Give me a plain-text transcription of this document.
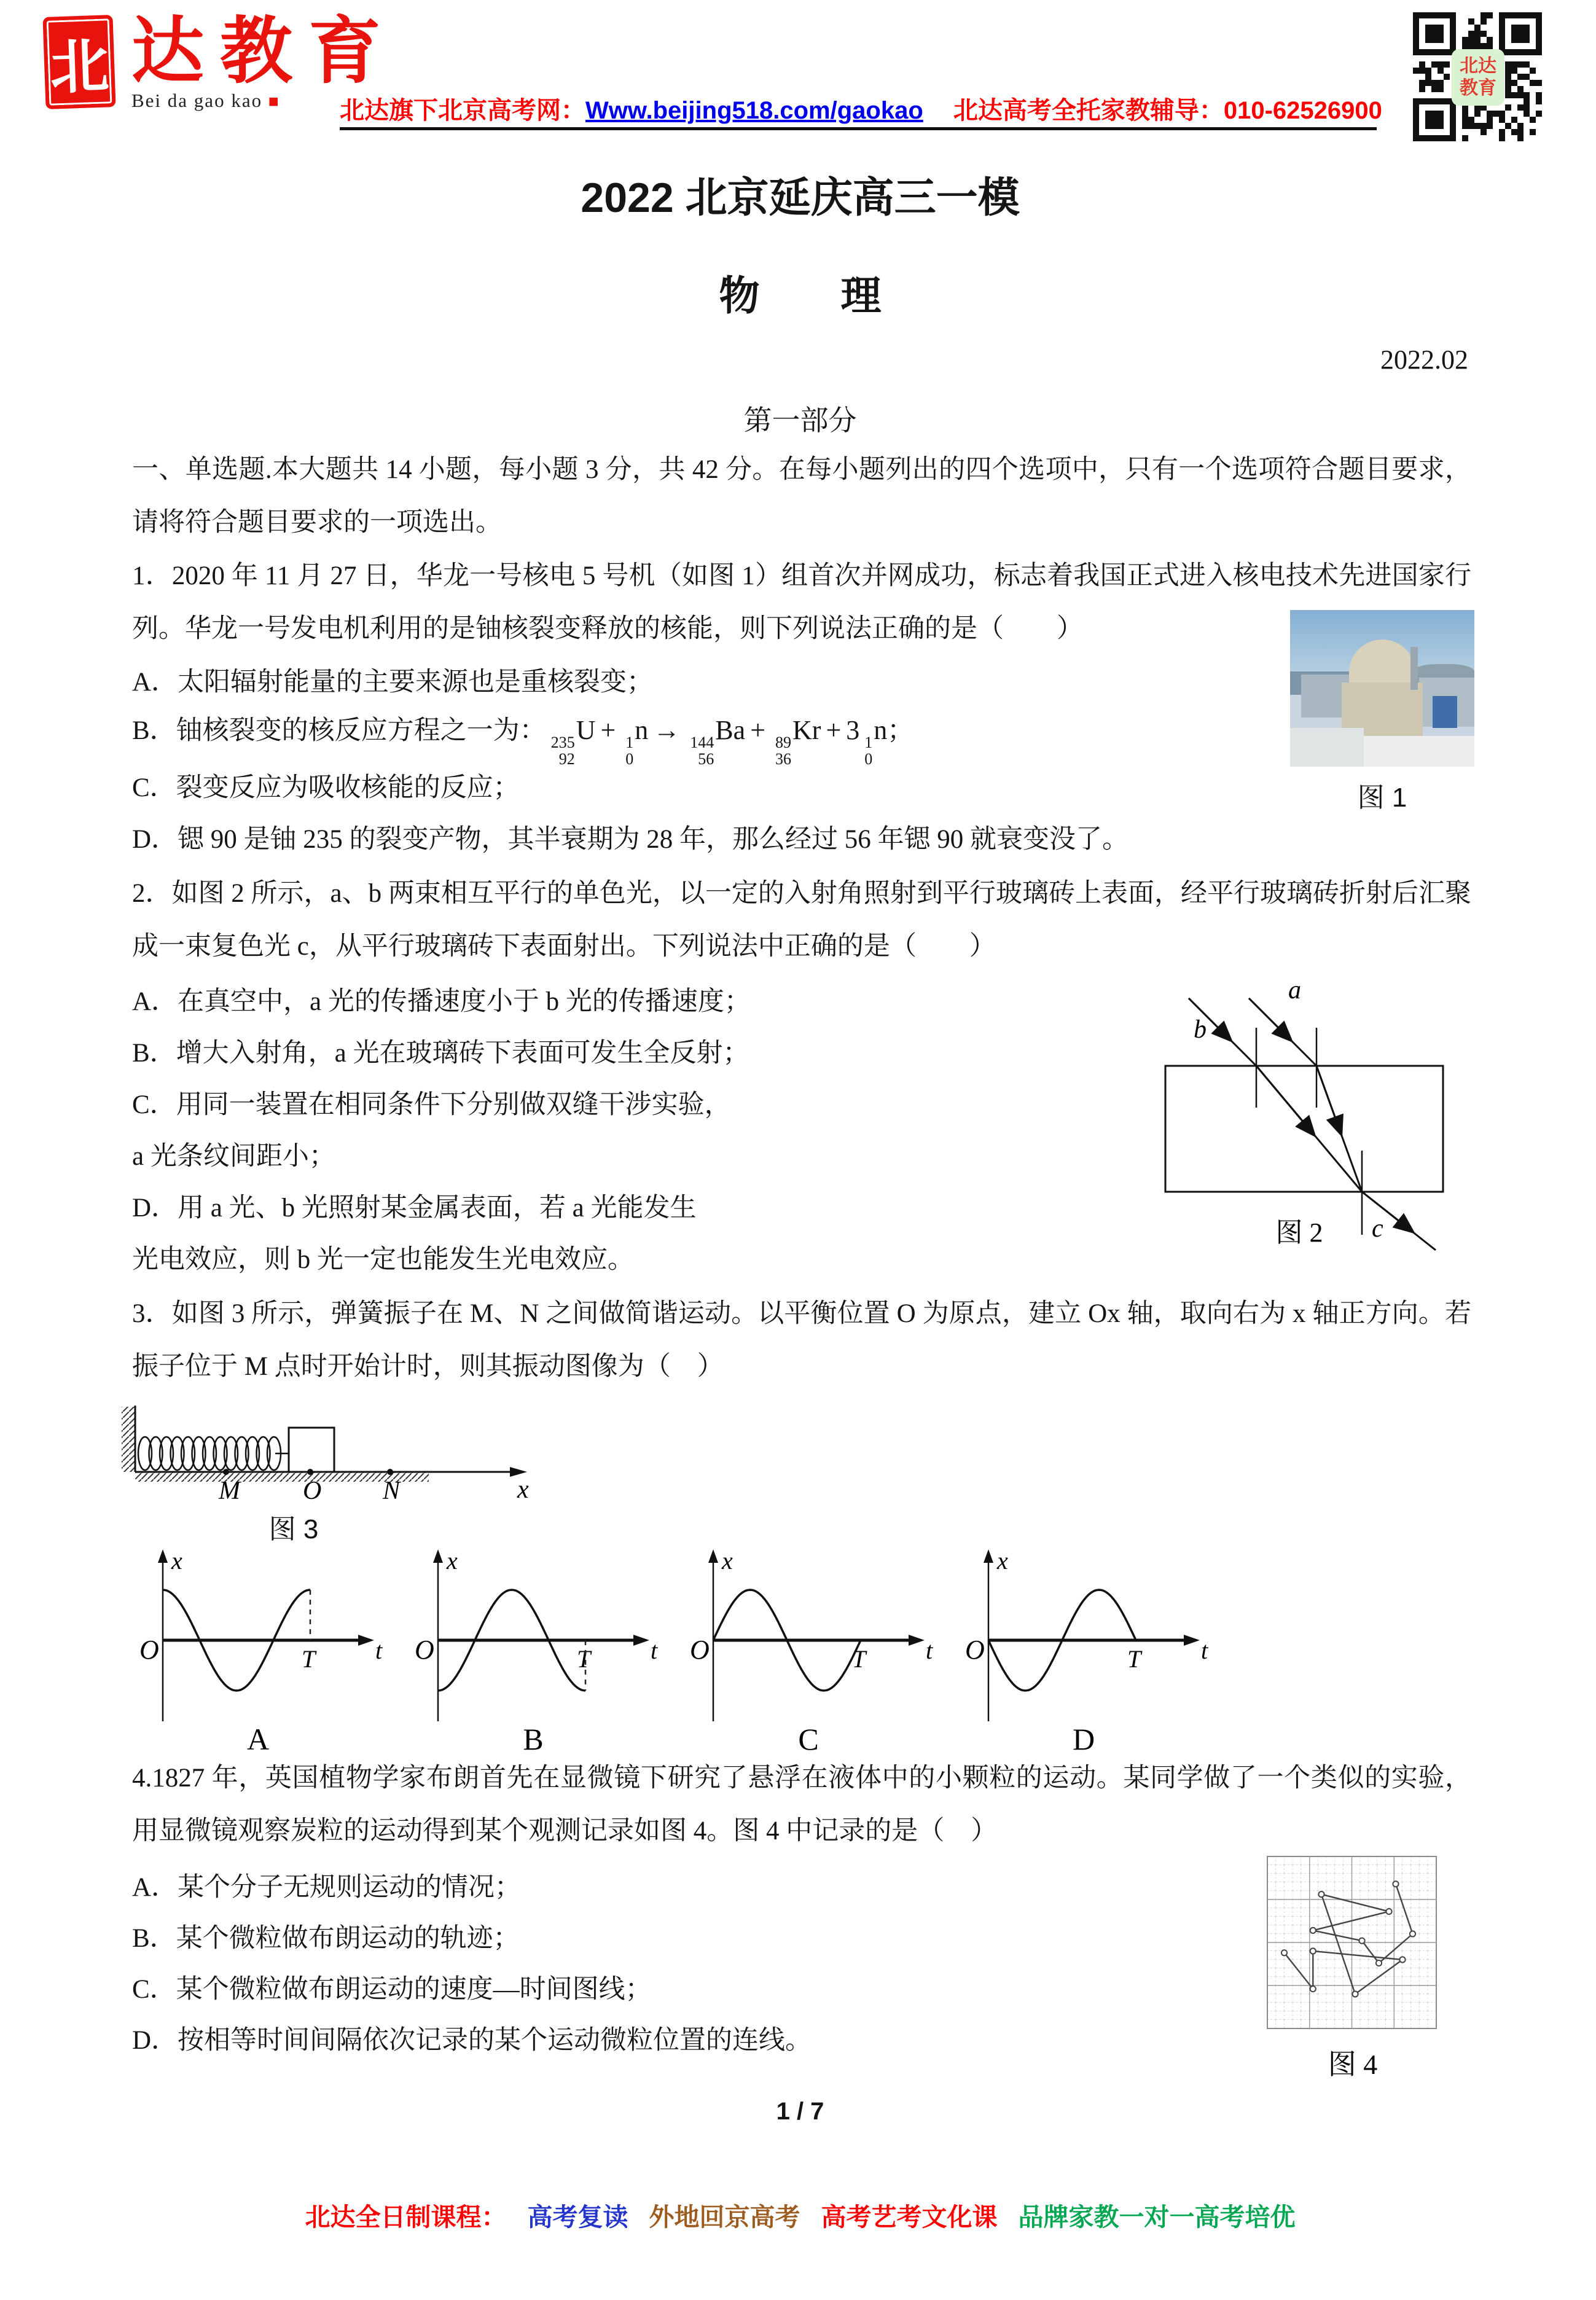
北 达教育
Bei da gao kao ■	北达旗下北京高考网：Www.beijing518.com/gaokao 北达高考全托家教辅导：010-62526900
北达
教育
2022 北京延庆高三一模
物　　理
2022.02
第一部分
一、单选题.本大题共 14 小题，每小题 3 分，共 42 分。在每小题列出的四个选项中，只有一个选项符合题目要求，请将符合题目要求的一项选出。
1．2020 年 11 月 27 日，华龙一号核电 5 号机（如图 1）组首次并网成功，标志着我国正式进入核电技术先进国家行列。华龙一号发电机利用的是铀核裂变释放的核能，则下列说法正确的是（　　）
A．太阳辐射能量的主要来源也是重核裂变；
B．铀核裂变的核反应方程之一为： 235
92
U + 1
0
n → 144
56
Ba + 89
36
Kr + 3 1
0
n；
C．裂变反应为吸收核能的反应；
D．锶 90 是铀 235 的裂变产物，其半衰期为 28 年，那么经过 56 年锶 90 就衰变没了。
图 1
2．如图 2 所示，a、b 两束相互平行的单色光，以一定的入射角照射到平行玻璃砖上表面，经平行玻璃砖折射后汇聚成一束复色光 c，从平行玻璃砖下表面射出。下列说法中正确的是（　　）
A．在真空中，a 光的传播速度小于 b 光的传播速度；
B．增大入射角，a 光在玻璃砖下表面可发生全反射；
C．用同一装置在相同条件下分别做双缝干涉实验，
a 光条纹间距小；
D．用 a 光、b 光照射某金属表面，若 a 光能发生
光电效应，则 b 光一定也能发生光电效应。
a
b
c
图 2
3．如图 3 所示，弹簧振子在 M、N 之间做简谐运动。以平衡位置 O 为原点，建立 Ox 轴，取向右为 x 轴正方向。若振子位于 M 点时开始计时，则其振动图像为（　）
M O N	x
图 3
x
O	T t
A
x
O	T t
B
x
O	T t
C
x
O	T t
D
4.1827 年，英国植物学家布朗首先在显微镜下研究了悬浮在液体中的小颗粒的运动。某同学做了一个类似的实验，用显微镜观察炭粒的运动得到某个观测记录如图 4。图 4 中记录的是（　）
A．某个分子无规则运动的情况；
B．某个微粒做布朗运动的轨迹；
C．某个微粒做布朗运动的速度—时间图线；
D．按相等时间间隔依次记录的某个运动微粒位置的连线。
图 4
1 / 7
北达全日制课程： 高考复读 外地回京高考 高考艺考文化课 品牌家教一对一高考培优
